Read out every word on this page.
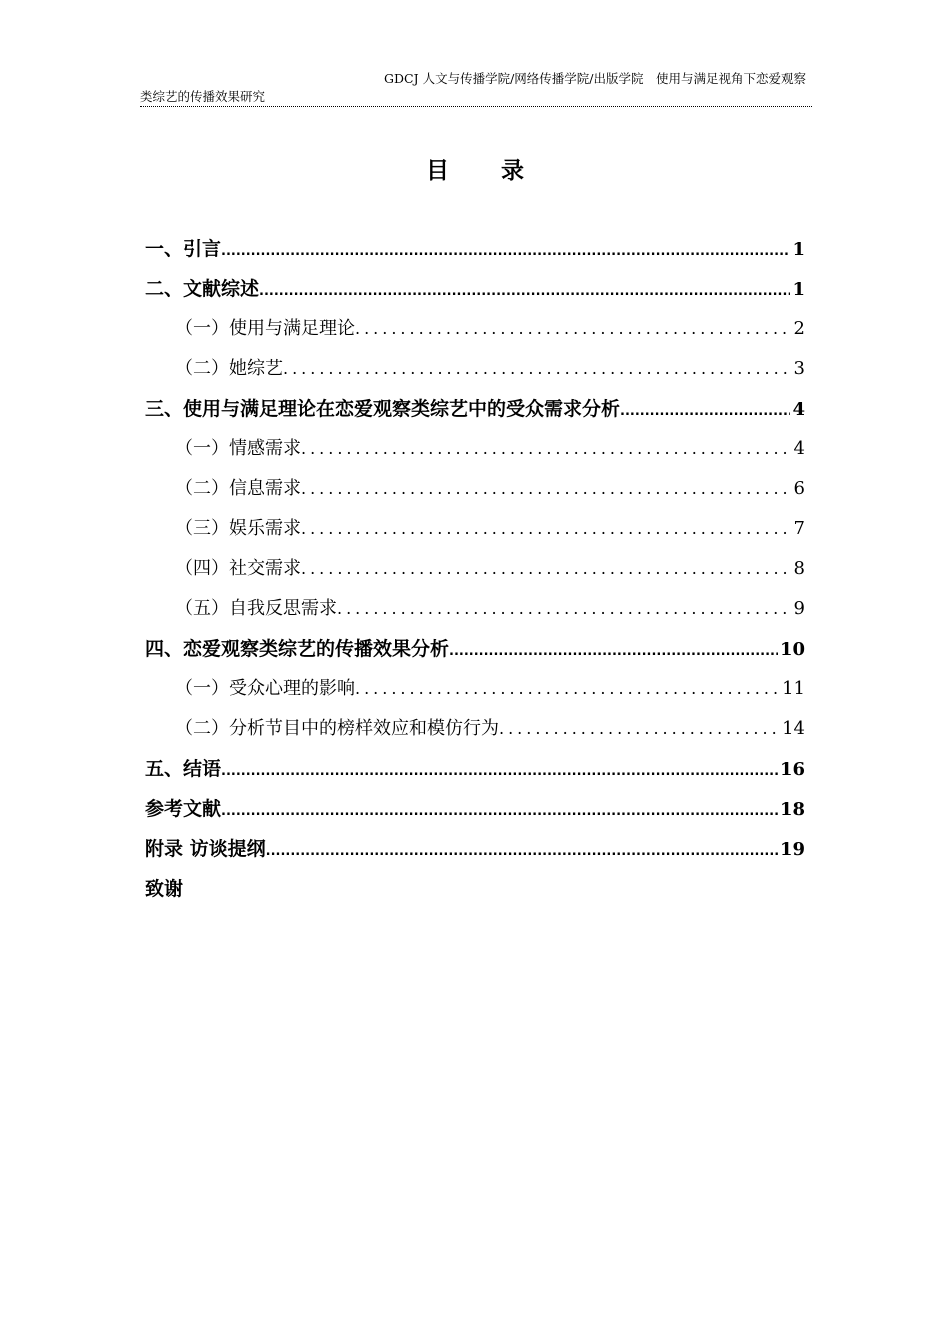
GDCJ 人文与传播学院/网络传播学院/出版学院　使用与满足视角下恋爱观察
类综艺的传播效果研究
目录
一、引言 .....	1
二、文献综述 .....	1
（一）使用与满足理论 .....	2
（二）她综艺 .....	3
三、使用与满足理论在恋爱观察类综艺中的受众需求分析 .....	4
（一）情感需求 .....	4
（二）信息需求 .....	6
（三）娱乐需求 .....	7
（四）社交需求 .....	8
（五）自我反思需求 .....	9
四、恋爱观察类综艺的传播效果分析 .....	10
（一）受众心理的影响 .....	11
（二）分析节目中的榜样效应和模仿行为 .....	14
五、结语 .....	16
参考文献 .....	18
附录 访谈提纲 .....	19
致谢
